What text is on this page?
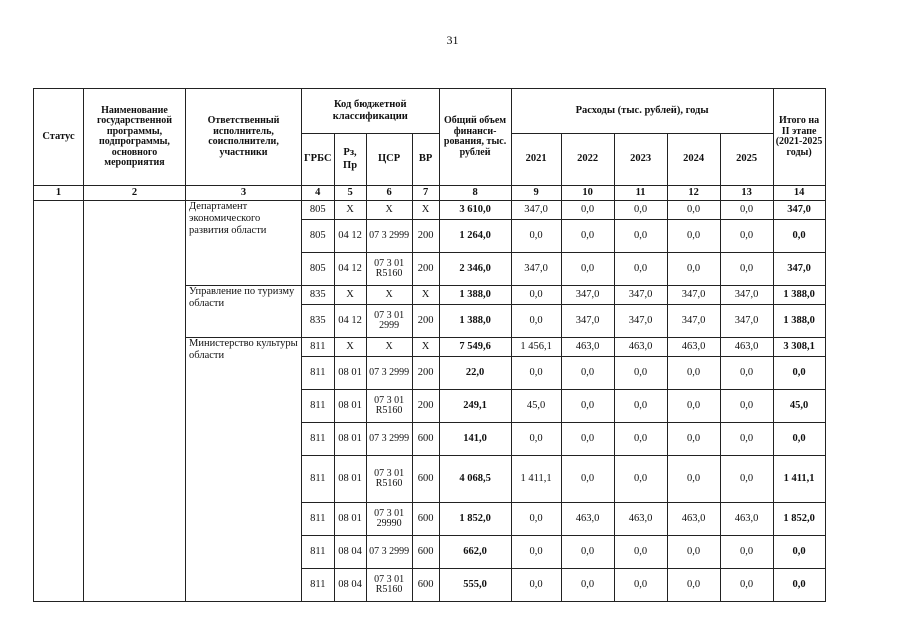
31
Статус	Наименование государственной программы, подпрограммы, основного мероприятия	Ответственный исполнитель, соисполнители, участники	Код бюджетной классификации				Общий объем финанси-рования, тыс. рублей	Расходы (тыс. рублей), годы					Итого на II этапе (2021-2025 годы)
			ГРБС	Рз, Пр	ЦСР	ВР		2021	2022	2023	2024	2025	
1	2	3	4	5	6	7	8	9	10	11	12	13	14
		Департамент экономического развития области	805	X	X	X	3 610,0	347,0	0,0	0,0	0,0	0,0	347,0
			805	04 12	07 3 2999	200	1 264,0	0,0	0,0	0,0	0,0	0,0	0,0
			805	04 12	07 3 01 R5160	200	2 346,0	347,0	0,0	0,0	0,0	0,0	347,0
		Управление по туризму области	835	X	X	X	1 388,0	0,0	347,0	347,0	347,0	347,0	1 388,0
			835	04 12	07 3 01 2999	200	1 388,0	0,0	347,0	347,0	347,0	347,0	1 388,0
		Министерство культуры области	811	X	X	X	7 549,6	1 456,1	463,0	463,0	463,0	463,0	3 308,1
			811	08 01	07 3 2999	200	22,0	0,0	0,0	0,0	0,0	0,0	0,0
			811	08 01	07 3 01 R5160	200	249,1	45,0	0,0	0,0	0,0	0,0	45,0
			811	08 01	07 3 2999	600	141,0	0,0	0,0	0,0	0,0	0,0	0,0
			811	08 01	07 3 01 R5160	600	4 068,5	1 411,1	0,0	0,0	0,0	0,0	1 411,1
			811	08 01	07 3 01 29990	600	1 852,0	0,0	463,0	463,0	463,0	463,0	1 852,0
			811	08 04	07 3 2999	600	662,0	0,0	0,0	0,0	0,0	0,0	0,0
			811	08 04	07 3 01 R5160	600	555,0	0,0	0,0	0,0	0,0	0,0	0,0
